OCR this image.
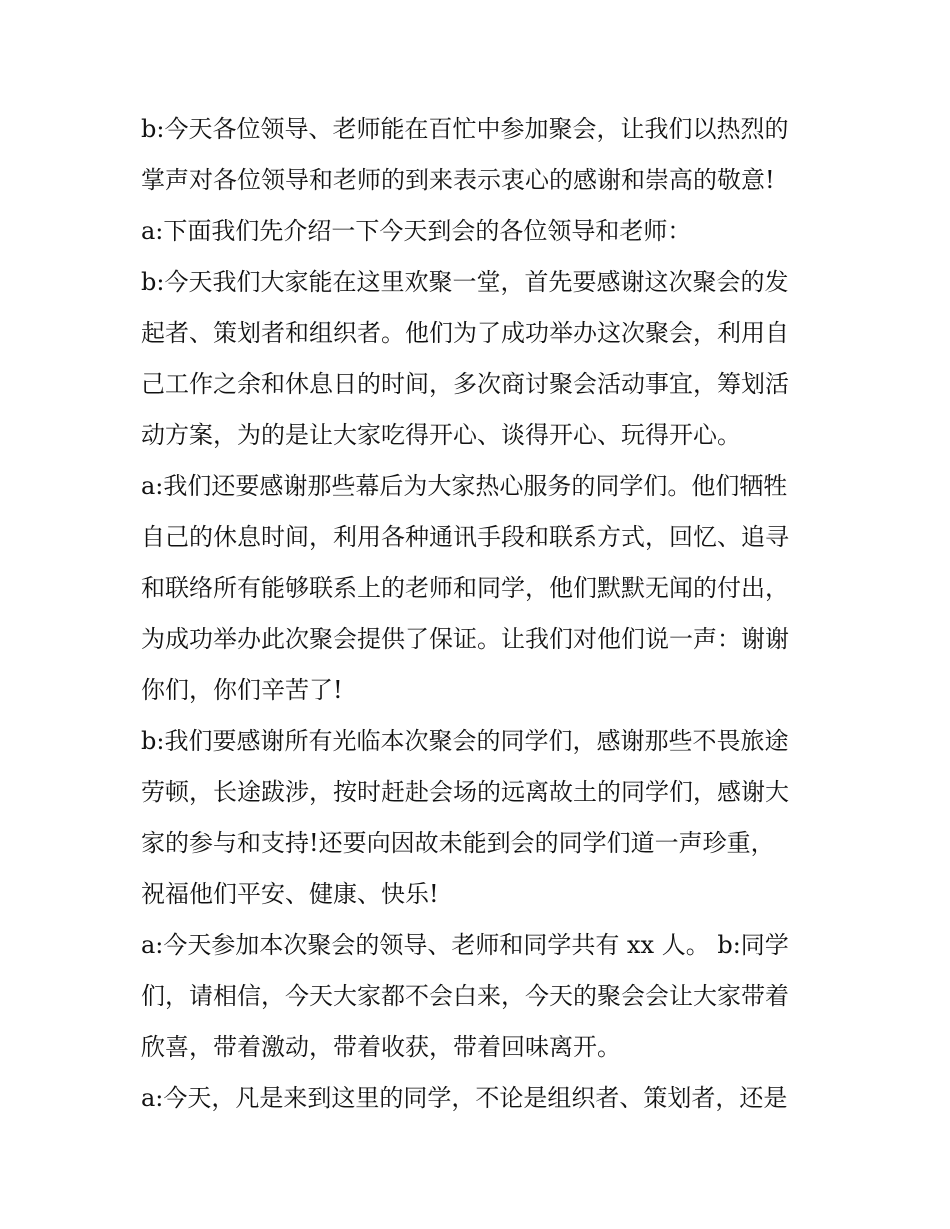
b:今天各位领导、老师能在百忙中参加聚会，让我们以热烈的
掌声对各位领导和老师的到来表示衷心的感谢和崇高的敬意!
a:下面我们先介绍一下今天到会的各位领导和老师：
b:今天我们大家能在这里欢聚一堂，首先要感谢这次聚会的发
起者、策划者和组织者。他们为了成功举办这次聚会，利用自
己工作之余和休息日的时间，多次商讨聚会活动事宜，筹划活
动方案，为的是让大家吃得开心、谈得开心、玩得开心。
a:我们还要感谢那些幕后为大家热心服务的同学们。他们牺牲
自己的休息时间，利用各种通讯手段和联系方式，回忆、追寻
和联络所有能够联系上的老师和同学，他们默默无闻的付出，
为成功举办此次聚会提供了保证。让我们对他们说一声：谢谢
你们，你们辛苦了!
b:我们要感谢所有光临本次聚会的同学们，感谢那些不畏旅途
劳顿，长途跋涉，按时赶赴会场的远离故土的同学们，感谢大
家的参与和支持!还要向因故未能到会的同学们道一声珍重，
祝福他们平安、健康、快乐!
a:今天参加本次聚会的领导、老师和同学共有 xx 人。 b:同学
们，请相信，今天大家都不会白来，今天的聚会会让大家带着
欣喜，带着激动，带着收获，带着回味离开。
a:今天，凡是来到这里的同学，不论是组织者、策划者，还是
